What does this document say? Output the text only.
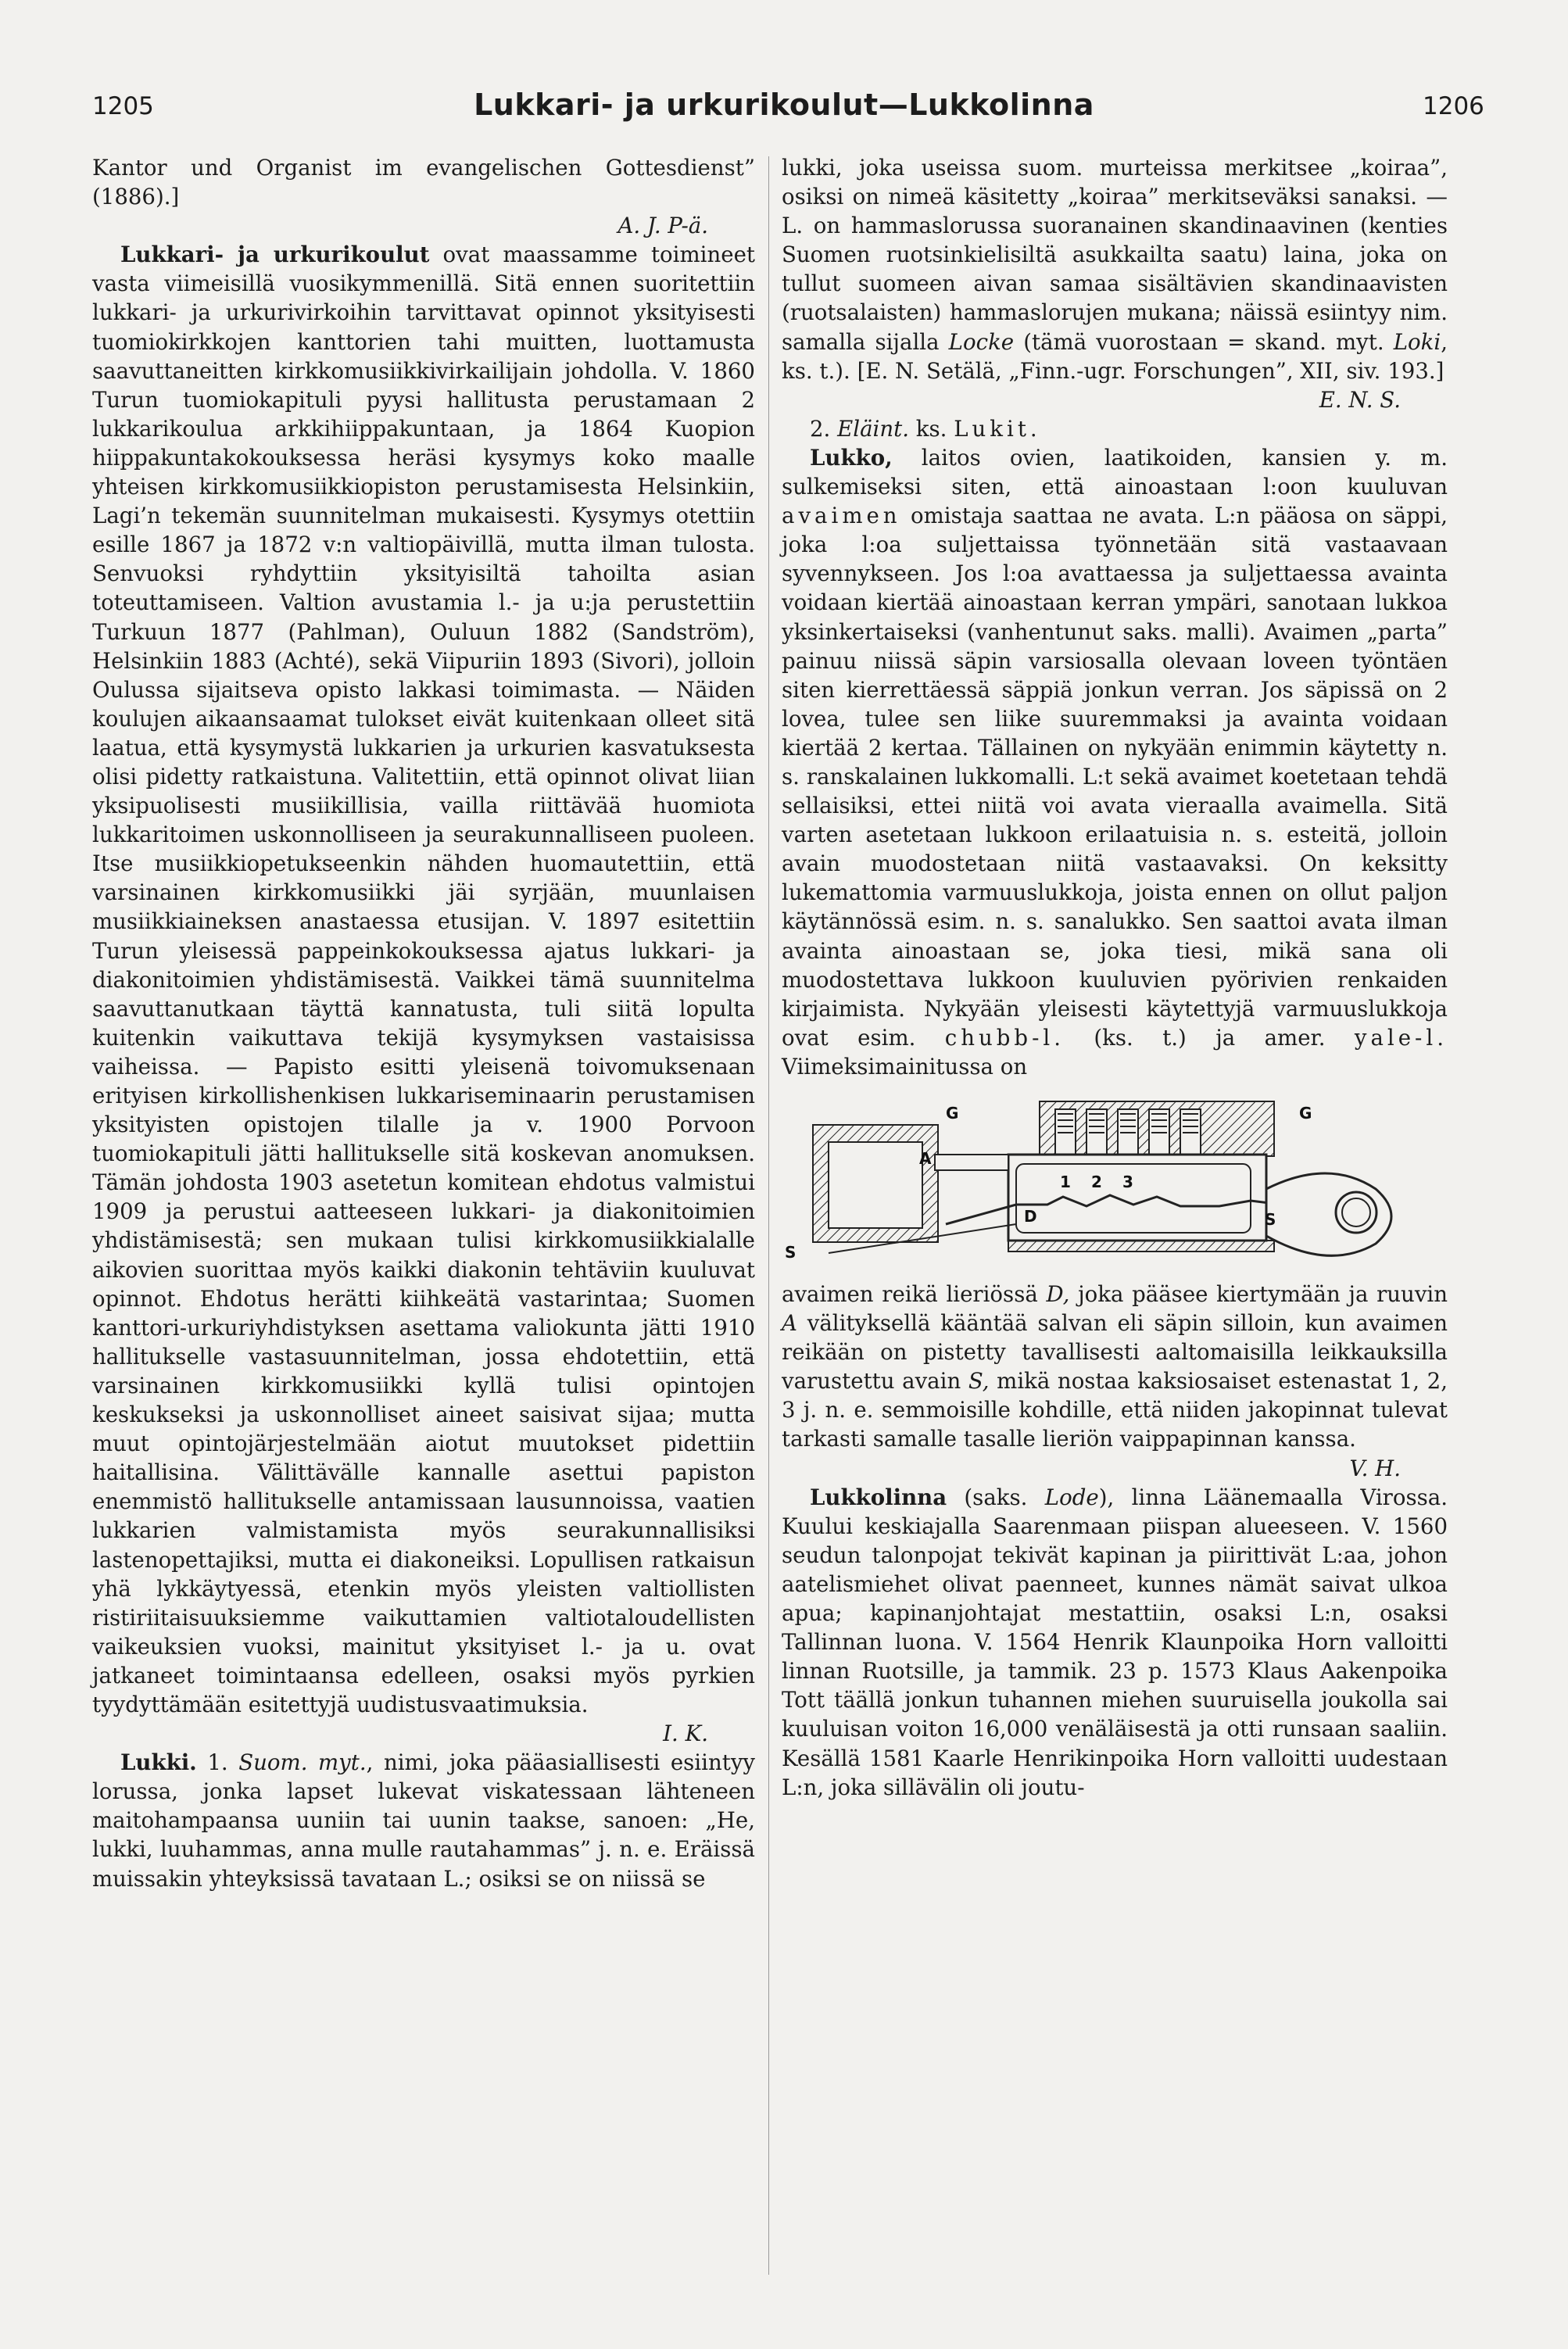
1205	Lukkari- ja urkurikoulut—Lukkolinna	1206

Kantor und Organist im evangelischen Gottesdienst” (1886).]

A. J. P-ä.

Lukkari- ja urkurikoulut ovat maassamme toimineet vasta viimeisillä vuosikymmenillä. Sitä ennen suoritettiin lukkari- ja urkurivirkoihin tarvittavat opinnot yksityisesti tuomiokirkkojen kanttorien tahi muitten, luottamusta saavuttaneitten kirkkomusiikkivirkailijain johdolla. V. 1860 Turun tuomiokapituli pyysi hallitusta perustamaan 2 lukkarikoulua arkkihiippakuntaan, ja 1864 Kuopion hiippakuntakokouksessa heräsi kysymys koko maalle yhteisen kirkkomusiikkiopiston perustamisesta Helsinkiin, Lagi’n tekemän suunnitelman mukaisesti. Kysymys otettiin esille 1867 ja 1872 v:n valtiopäivillä, mutta ilman tulosta. Senvuoksi ryhdyttiin yksityisiltä tahoilta asian toteuttamiseen. Valtion avustamia l.- ja u:ja perustettiin Turkuun 1877 (Pahlman), Ouluun 1882 (Sandström), Helsinkiin 1883 (Achté), sekä Viipuriin 1893 (Sivori), jolloin Oulussa sijaitseva opisto lakkasi toimimasta. — Näiden koulujen aikaansaamat tulokset eivät kuitenkaan olleet sitä laatua, että kysymystä lukkarien ja urkurien kasvatuksesta olisi pidetty ratkaistuna. Valitettiin, että opinnot olivat liian yksipuolisesti musiikillisia, vailla riittävää huomiota lukkaritoimen uskonnolliseen ja seurakunnalliseen puoleen. Itse musiikkiopetukseenkin nähden huomautettiin, että varsinainen kirkkomusiikki jäi syrjään, muunlaisen musiikkiaineksen anastaessa etusijan. V. 1897 esitettiin Turun yleisessä pappeinkokouksessa ajatus lukkari- ja diakonitoimien yhdistämisestä. Vaikkei tämä suunnitelma saavuttanutkaan täyttä kannatusta, tuli siitä lopulta kuitenkin vaikuttava tekijä kysymyksen vastaisissa vaiheissa. — Papisto esitti yleisenä toivomuksenaan erityisen kirkollishenkisen lukkariseminaarin perustamisen yksityisten opistojen tilalle ja v. 1900 Porvoon tuomiokapituli jätti hallitukselle sitä koskevan anomuksen. Tämän johdosta 1903 asetetun komitean ehdotus valmistui 1909 ja perustui aatteeseen lukkari- ja diakonitoimien yhdistämisestä; sen mukaan tulisi kirkkomusiikkialalle aikovien suorittaa myös kaikki diakonin tehtäviin kuuluvat opinnot. Ehdotus herätti kiihkeätä vastarintaa; Suomen kanttori-urkuriyhdistyksen asettama valiokunta jätti 1910 hallitukselle vastasuunnitelman, jossa ehdotettiin, että varsinainen kirkkomusiikki kyllä tulisi opintojen keskukseksi ja uskonnolliset aineet saisivat sijaa; mutta muut opintojärjestelmään aiotut muutokset pidettiin haitallisina. Välittävälle kannalle asettui papiston enemmistö hallitukselle antamissaan lausunnoissa, vaatien lukkarien valmistamista myös seurakunnallisiksi lastenopettajiksi, mutta ei diakoneiksi. Lopullisen ratkaisun yhä lykkäytyessä, etenkin myös yleisten valtiollisten ristiriitaisuuksiemme vaikuttamien valtiotaloudellisten vaikeuksien vuoksi, mainitut yksityiset l.- ja u. ovat jatkaneet toimintaansa edelleen, osaksi myös pyrkien tyydyttämään esitettyjä uudistusvaatimuksia.

I. K.

Lukki. 1. Suom. myt., nimi, joka pääasiallisesti esiintyy lorussa, jonka lapset lukevat viskatessaan lähteneen maitohampaansa uuniin tai uunin taakse, sanoen: „He, lukki, luuhammas, anna mulle rautahammas” j. n. e. Eräissä muissakin yhteyksissä tavataan L.; osiksi se on niissä se

lukki, joka useissa suom. murteissa merkitsee „koiraa”, osiksi on nimeä käsitetty „koiraa” merkitseväksi sanaksi. — L. on hammaslorussa suoranainen skandinaavinen (kenties Suomen ruotsinkielisiltä asukkailta saatu) laina, joka on tullut suomeen aivan samaa sisältävien skandinaavisten (ruotsalaisten) hammaslorujen mukana; näissä esiintyy nim. samalla sijalla Locke (tämä vuorostaan = skand. myt. Loki, ks. t.). [E. N. Setälä, „Finn.-ugr. Forschungen”, XII, siv. 193.]

E. N. S.

2. Eläint. ks. Lukit.

Lukko, laitos ovien, laatikoiden, kansien y. m. sulkemiseksi siten, että ainoastaan l:oon kuuluvan avaimen omistaja saattaa ne avata. L:n pääosa on säppi, joka l:oa suljettaissa työnnetään sitä vastaavaan syvennykseen. Jos l:oa avattaessa ja suljettaessa avainta voidaan kiertää ainoastaan kerran ympäri, sanotaan lukkoa yksinkertaiseksi (vanhentunut saks. malli). Avaimen „parta” painuu niissä säpin varsiosalla olevaan loveen työntäen siten kierrettäessä säppiä jonkun verran. Jos säpissä on 2 lovea, tulee sen liike suuremmaksi ja avainta voidaan kiertää 2 kertaa. Tällainen on nykyään enimmin käytetty n. s. ranskalainen lukkomalli. L:t sekä avaimet koetetaan tehdä sellaisiksi, ettei niitä voi avata vieraalla avaimella. Sitä varten asetetaan lukkoon erilaatuisia n. s. esteitä, jolloin avain muodostetaan niitä vastaavaksi. On keksitty lukemattomia varmuuslukkoja, joista ennen on ollut paljon käytännössä esim. n. s. sanalukko. Sen saattoi avata ilman avainta ainoastaan se, joka tiesi, mikä sana oli muodostettava lukkoon kuuluvien pyörivien renkaiden kirjaimista. Nykyään yleisesti käytettyjä varmuuslukkoja ovat esim. chubb-l. (ks. t.) ja amer. yale-l. Viimeksimainitussa on

G
A
1 2 3
D	S
G
S

avaimen reikä lieriössä D, joka pääsee kiertymään ja ruuvin A välityksellä kääntää salvan eli säpin silloin, kun avaimen reikään on pistetty tavallisesti aaltomaisilla leikkauksilla varustettu avain S, mikä nostaa kaksiosaiset estenastat 1, 2, 3 j. n. e. semmoisille kohdille, että niiden jakopinnat tulevat tarkasti samalle tasalle lieriön vaippapinnan kanssa.

V. H.

Lukkolinna (saks. Lode), linna Läänemaalla Virossa. Kuului keskiajalla Saarenmaan piispan alueeseen. V. 1560 seudun talonpojat tekivät kapinan ja piirittivät L:aa, johon aatelismiehet olivat paenneet, kunnes nämät saivat ulkoa apua; kapinanjohtajat mestattiin, osaksi L:n, osaksi Tallinnan luona. V. 1564 Henrik Klaunpoika Horn valloitti linnan Ruotsille, ja tammik. 23 p. 1573 Klaus Aakenpoika Tott täällä jonkun tuhannen miehen suuruisella joukolla sai kuuluisan voiton 16,000 venäläisestä ja otti runsaan saaliin. Kesällä 1581 Kaarle Henrikinpoika Horn valloitti uudestaan L:n, joka sillävälin oli joutu-
